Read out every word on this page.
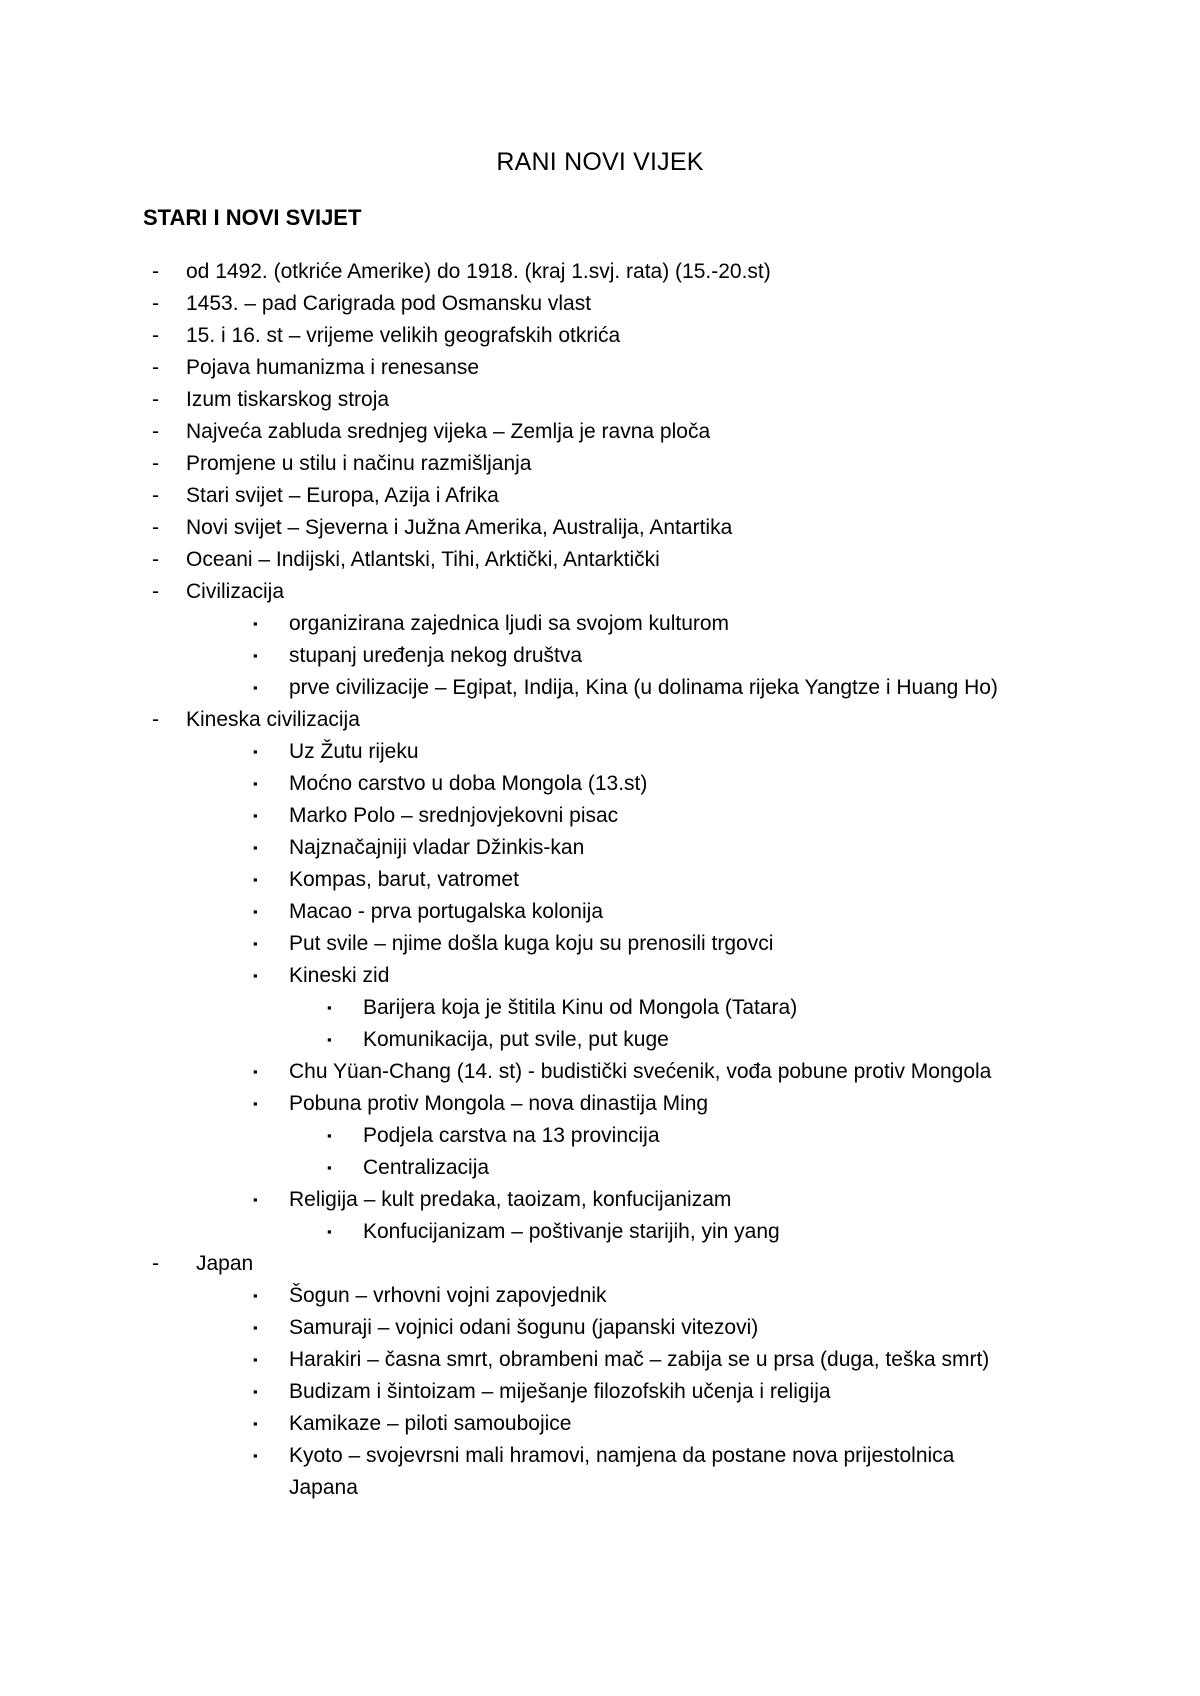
RANI NOVI VIJEK
STARI I NOVI SVIJET
- od 1492. (otkriće Amerike) do 1918. (kraj 1.svj. rata) (15.-20.st)
- 1453. – pad Carigrada pod Osmansku vlast
- 15. i 16. st – vrijeme velikih geografskih otkrića
- Pojava humanizma i renesanse
- Izum tiskarskog stroja
- Najveća zabluda srednjeg vijeka – Zemlja je ravna ploča
- Promjene u stilu i načinu razmišljanja
- Stari svijet – Europa, Azija i Afrika
- Novi svijet – Sjeverna i Južna Amerika, Australija, Antartika
- Oceani – Indijski, Atlantski, Tihi, Arktički, Antarktički
- Civilizacija
▪ organizirana zajednica ljudi sa svojom kulturom
▪ stupanj uređenja nekog društva
▪ prve civilizacije – Egipat, Indija, Kina (u dolinama rijeka Yangtze i Huang Ho)
- Kineska civilizacija
▪ Uz Žutu rijeku
▪ Moćno carstvo u doba Mongola (13.st)
▪ Marko Polo – srednjovjekovni pisac
▪ Najznačajniji vladar Džinkis-kan
▪ Kompas, barut, vatromet
▪ Macao - prva portugalska kolonija
▪ Put svile – njime došla kuga koju su prenosili trgovci
▪ Kineski zid
▪ Barijera koja je štitila Kinu od Mongola (Tatara)
▪ Komunikacija, put svile, put kuge
▪ Chu Yüan-Chang (14. st) - budistički svećenik, vođa pobune protiv Mongola
▪ Pobuna protiv Mongola – nova dinastija Ming
▪ Podjela carstva na 13 provincija
▪ Centralizacija
▪ Religija – kult predaka, taoizam, konfucijanizam
▪ Konfucijanizam – poštivanje starijih, yin yang
- Japan
▪ Šogun – vrhovni vojni zapovjednik
▪ Samuraji – vojnici odani šogunu (japanski vitezovi)
▪ Harakiri – časna smrt, obrambeni mač – zabija se u prsa (duga, teška smrt)
▪ Budizam i šintoizam – miješanje filozofskih učenja i religija
▪ Kamikaze – piloti samoubojice
▪ Kyoto – svojevrsni mali hramovi, namjena da postane nova prijestolnica
Japana
